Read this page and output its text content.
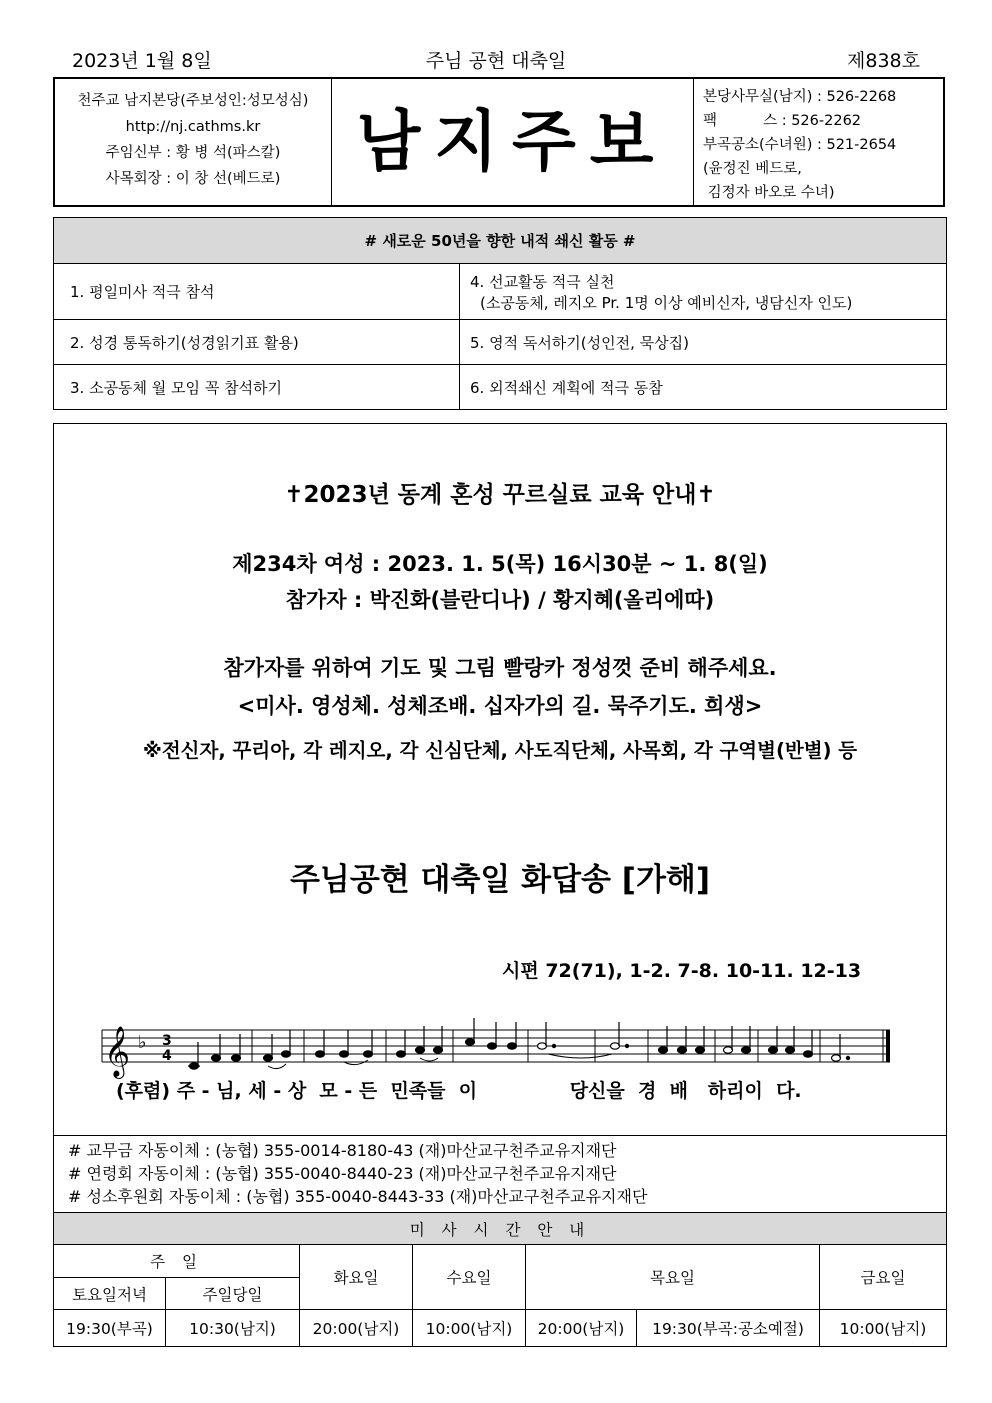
2023년 1월 8일	주님 공현 대축일	제838호
천주교 남지본당(주보성인:성모성심)
http://nj.cathms.kr
주임신부 : 황 병 석(파스칼)
사목회장 : 이 창 선(베드로)	남지주보
본당사무실(남지) : 526-2268
팩          스 : 526-2262
부곡공소(수녀원) : 521-2654
(윤정진 베드로,
김정자 바오로 수녀)
# 새로운 50년을 향한 내적 쇄신 활동 #	
1. 평일미사 적극 참석	4. 선교활동 적극 실천
(소공동체, 레지오 Pr. 1명 이상 예비신자, 냉담신자 인도)

2. 성경 통독하기(성경읽기표 활용)	5. 영적 독서하기(성인전, 묵상집)
3. 소공동체 월 모임 꼭 참석하기	6. 외적쇄신 계획에 적극 동참
✝2023년 동계 혼성 꾸르실료 교육 안내✝
제234차 여성 : 2023. 1. 5(목) 16시30분 ~ 1. 8(일)
참가자 : 박진화(블란디나) / 황지혜(올리에따)
참가자를 위하여 기도 및 그림 빨랑카 정성껏 준비 해주세요.
<미사. 영성체. 성체조배. 십자가의 길. 묵주기도. 희생>
※전신자, 꾸리아, 각 레지오, 각 신심단체, 사도직단체, 사목회, 각 구역별(반별) 등
주님공현 대축일 화답송 [가해]
시편 72(71), 1-2. 7-8. 10-11. 12-13
𝄞 ♭ 3
4
(후렴) 주 - 님, 세 - 상  모 - 든  민족들  이              당신을  경  배   하리이  다.
# 교무금 자동이체 : (농협) 355-0014-8180-43 (재)마산교구천주교유지재단
# 연령회 자동이체 : (농협) 355-0040-8440-23 (재)마산교구천주교유지재단
# 성소후원회 자동이체 : (농협) 355-0040-8443-33 (재)마산교구천주교유지재단
미 사 시 간 안 내						
주 일		화요일	수요일	목요일		금요일
토요일저녁	주일당일					
19:30(부곡)	10:30(남지)	20:00(남지)	10:00(남지)	20:00(남지)	19:30(부곡:공소예절)	10:00(남지)
